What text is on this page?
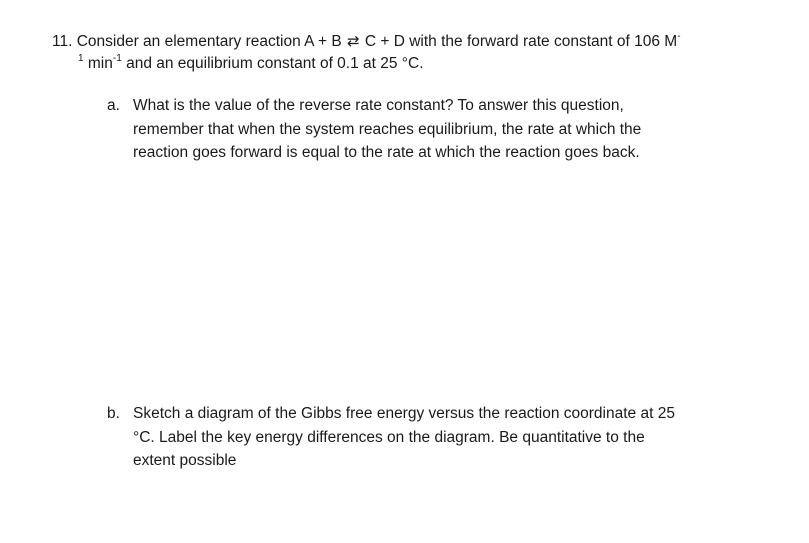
11. Consider an elementary reaction A + B ⇄ C + D with the forward rate constant of 106 M-
$^1$ $\min^{-1}$ and an equilibrium constant of 0.1 at 25 °C.
a. What is the value of the reverse rate constant? To answer this question,
remember that when the system reaches equilibrium, the rate at which the
reaction goes forward is equal to the rate at which the reaction goes back.
b. Sketch a diagram of the Gibbs free energy versus the reaction coordinate at 25
°C. Label the key energy differences on the diagram. Be quantitative to the
extent possible
